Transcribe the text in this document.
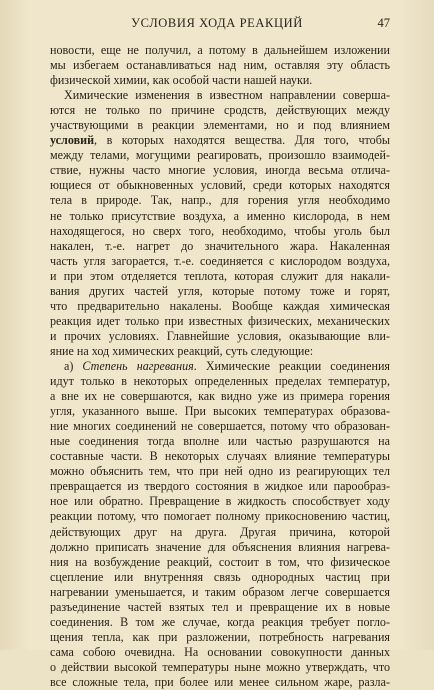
УСЛОВИЯ ХОДА РЕАКЦИЙ	47
новости, еще не получил, а потому в дальнейшем изложении
мы избегаем останавливаться над ним, оставляя эту область
физической химии, как особой части нашей науки.
Химические изменения в известном направлении соверша-
ются не только по причине сродств, действующих между
участвующими в реакции элементами, но и под влиянием
условий, в которых находятся вещества. Для того, чтобы
между телами, могущими реагировать, произошло взаимодей-
ствие, нужны часто многие условия, иногда весьма отлича-
ющиеся от обыкновенных условий, среди которых находятся
тела в природе. Так, напр., для горения угля необходимо
не только присутствие воздуха, а именно кислорода, в нем
находящегося, но сверх того, необходимо, чтобы уголь был
накален, т.-е. нагрет до значительного жара. Накаленная
часть угля загорается, т.-е. соединяется с кислородом воздуха,
и при этом отделяется теплота, которая служит для накали-
вания других частей угля, которые потому тоже и горят,
что предварительно накалены. Вообще каждая химическая
реакция идет только при известных физических, механических
и прочих условиях. Главнейшие условия, оказывающие вли-
яние на ход химических реакций, суть следующие:
а) Степень нагревания. Химические реакции соединения
идут только в некоторых определенных пределах температур,
а вне их не совершаются, как видно уже из примера горения
угля, указанного выше. При высоких температурах образова-
ние многих соединений не совершается, потому что образован-
ные соединения тогда вполне или частью разрушаются на
составные части. В некоторых случаях влияние температуры
можно объяснить тем, что при ней одно из реагирующих тел
превращается из твердого состояния в жидкое или парообраз-
ное или обратно. Превращение в жидкость способствует ходу
реакции потому, что помогает полному прикосновению частиц,
действующих друг на друга. Другая причина, которой
должно приписать значение для объяснения влияния нагрева-
ния на возбуждение реакций, состоит в том, что физическое
сцепление или внутренняя связь однородных частиц при
нагревании уменьшается, и таким образом легче совершается
разъединение частей взятых тел и превращение их в новые
соединения. В том же случае, когда реакция требует погло-
щения тепла, как при разложении, потребность нагревания
сама собою очевидна. На основании совокупности данных
о действии высокой температуры ныне можно утверждать, что
все сложные тела, при более или менее сильном жаре, разла-
